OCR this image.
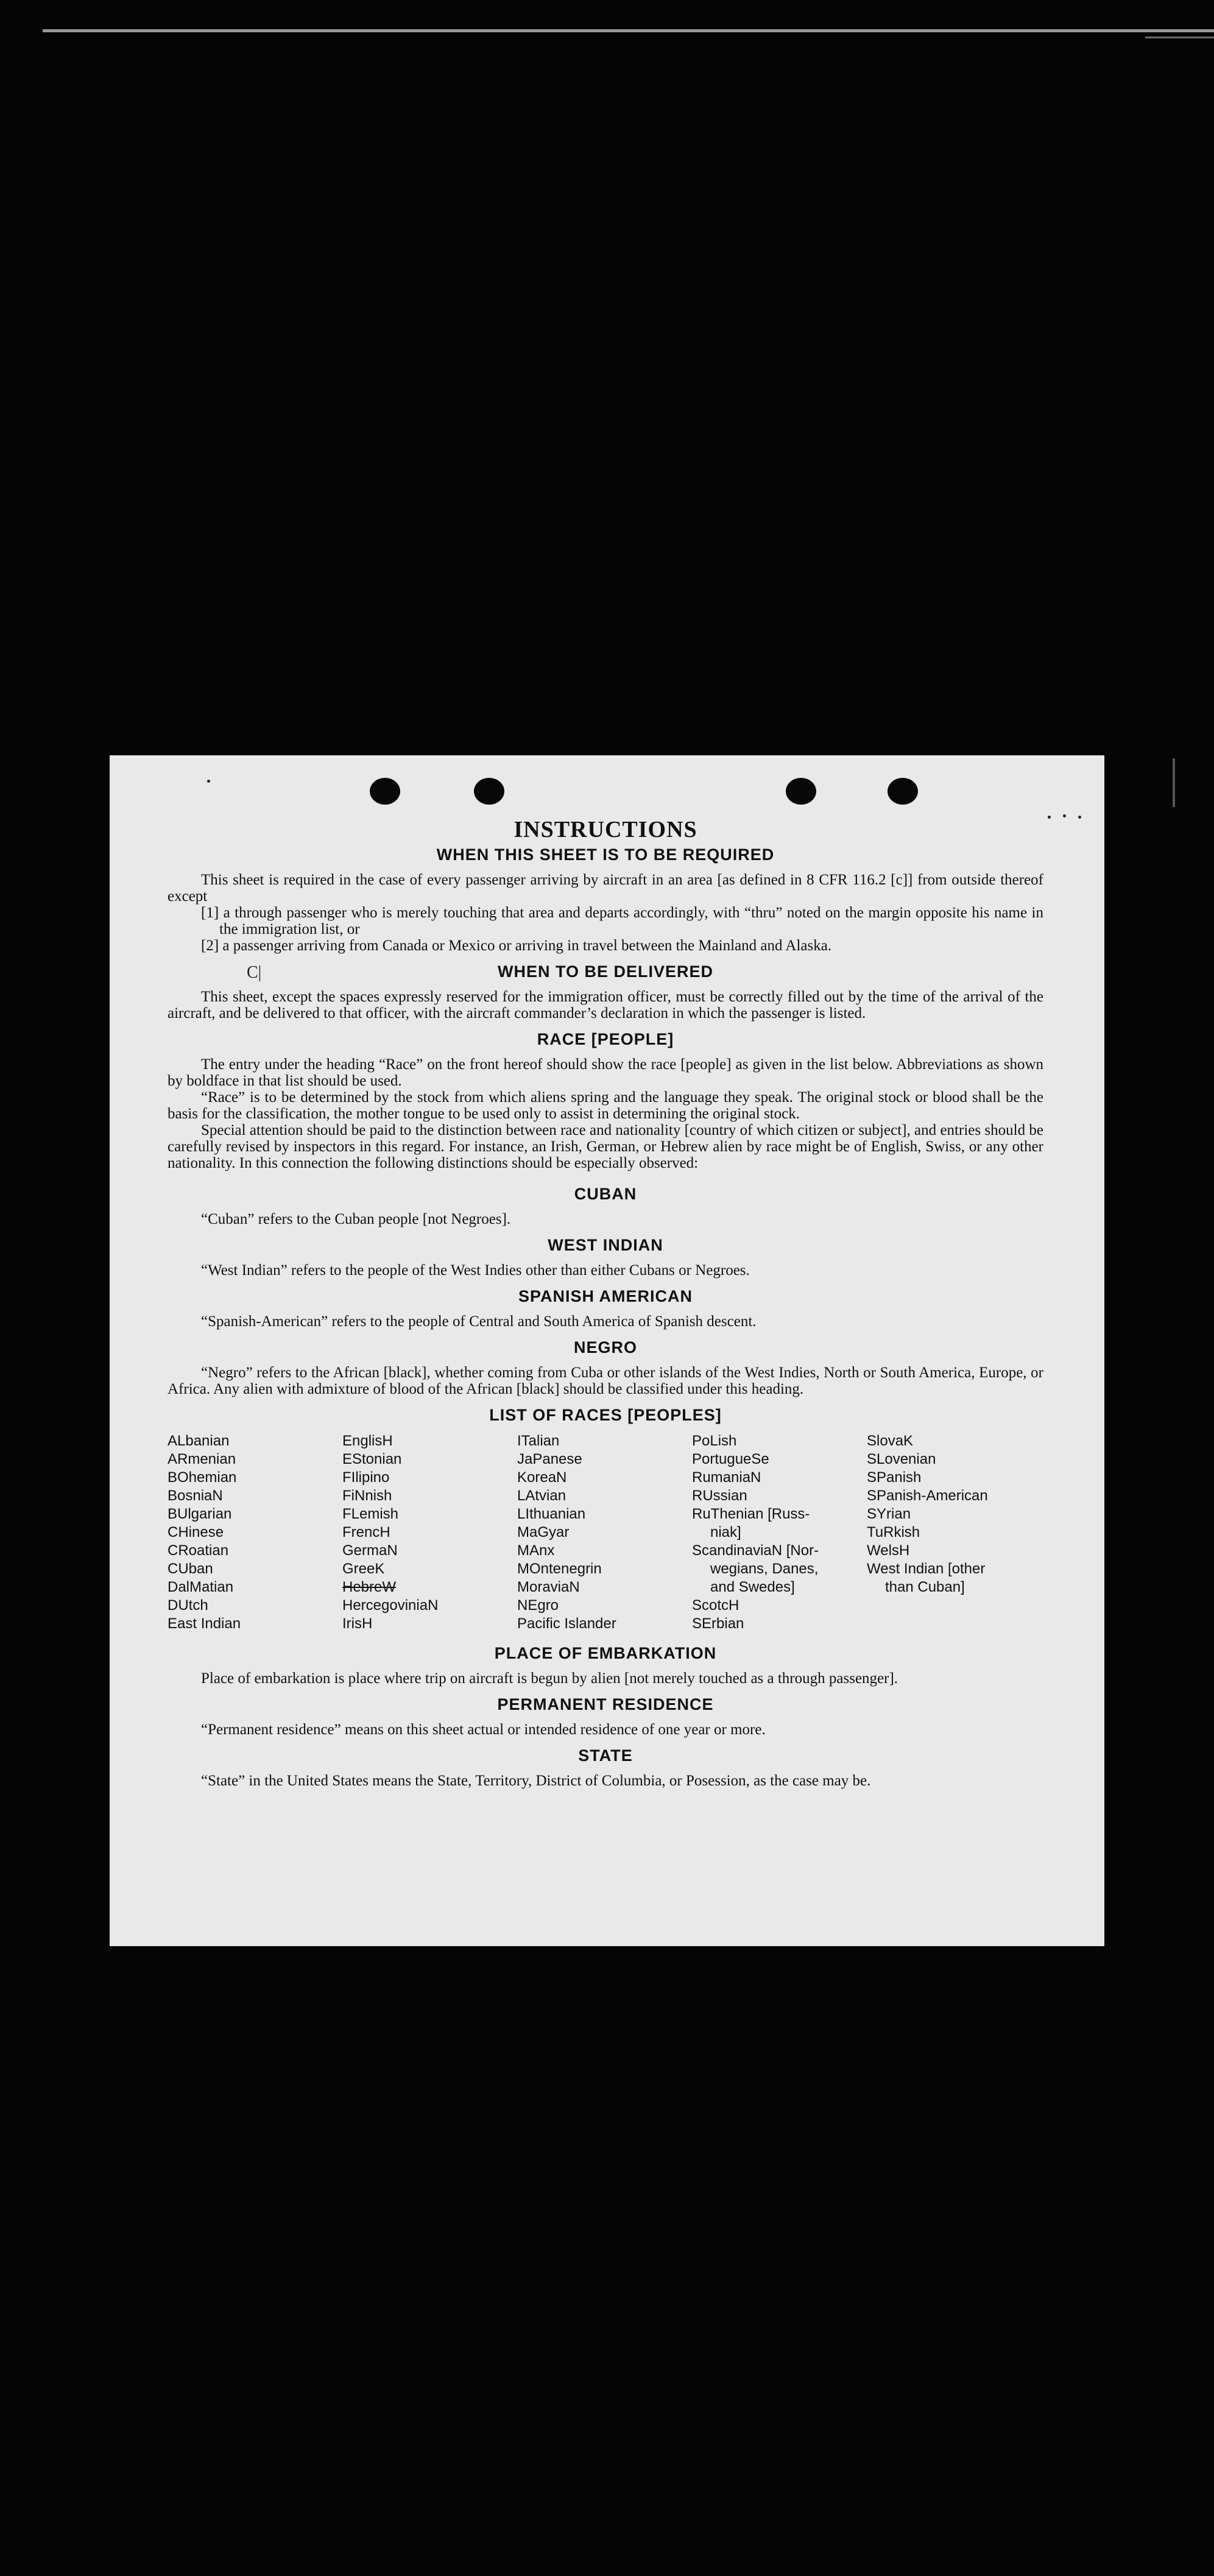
C|
INSTRUCTIONS
WHEN THIS SHEET IS TO BE REQUIRED

This sheet is required in the case of every passenger arriving by aircraft in an area [as defined in 8 CFR 116.2 [c]] from outside thereof except

[1] a through passenger who is merely touching that area and departs accordingly, with “thru” noted on the margin opposite his name in the immigration list, or

[2] a passenger arriving from Canada or Mexico or arriving in travel between the Mainland and Alaska.

WHEN TO BE DELIVERED

This sheet, except the spaces expressly reserved for the immigration officer, must be correctly filled out by the time of the arrival of the aircraft, and be delivered to that officer, with the aircraft commander’s declaration in which the passenger is listed.

RACE [PEOPLE]

The entry under the heading “Race” on the front hereof should show the race [people] as given in the list below. Abbreviations as shown by boldface in that list should be used.

“Race” is to be determined by the stock from which aliens spring and the language they speak. The original stock or blood shall be the basis for the classification, the mother tongue to be used only to assist in determining the original stock.

Special attention should be paid to the distinction between race and nationality [country of which citizen or subject], and entries should be carefully revised by inspectors in this regard. For instance, an Irish, German, or Hebrew alien by race might be of English, Swiss, or any other nationality. In this connection the following distinctions should be especially observed:

CUBAN

“Cuban” refers to the Cuban people [not Negroes].

WEST INDIAN

“West Indian” refers to the people of the West Indies other than either Cubans or Negroes.

SPANISH AMERICAN

“Spanish-American” refers to the people of Central and South America of Spanish descent.

NEGRO

“Negro” refers to the African [black], whether coming from Cuba or other islands of the West Indies, North or South America, Europe, or Africa. Any alien with admixture of blood of the African [black] should be classified under this heading.

LIST OF RACES [PEOPLES]
ALbanian
ARmenian
BOhemian
BosniaN
BUlgarian
CHinese
CRoatian
CUban
DalMatian
DUtch
East Indian
EnglisH
EStonian
FIlipino
FiNnish
FLemish
FrencH
GermaN
GreeK
HebreW
HercegoviniaN
IrisH
ITalian
JaPanese
KoreaN
LAtvian
LIthuanian
MaGyar
MAnx
MOntenegrin
MoraviaN
NEgro
Pacific Islander
PoLish
PortugueSe
RumaniaN
RUssian
RuThenian [Russ-
niak]
ScandinaviaN [Nor-
wegians, Danes,
and Swedes]
ScotcH
SErbian
SlovaK
SLovenian
SPanish
SPanish-American
SYrian
TuRkish
WelsH
West Indian [other
than Cuban]
PLACE OF EMBARKATION

Place of embarkation is place where trip on aircraft is begun by alien [not merely touched as a through passenger].

PERMANENT RESIDENCE

“Permanent residence” means on this sheet actual or intended residence of one year or more.

STATE

“State” in the United States means the State, Territory, District of Columbia, or Posession, as the case may be.
